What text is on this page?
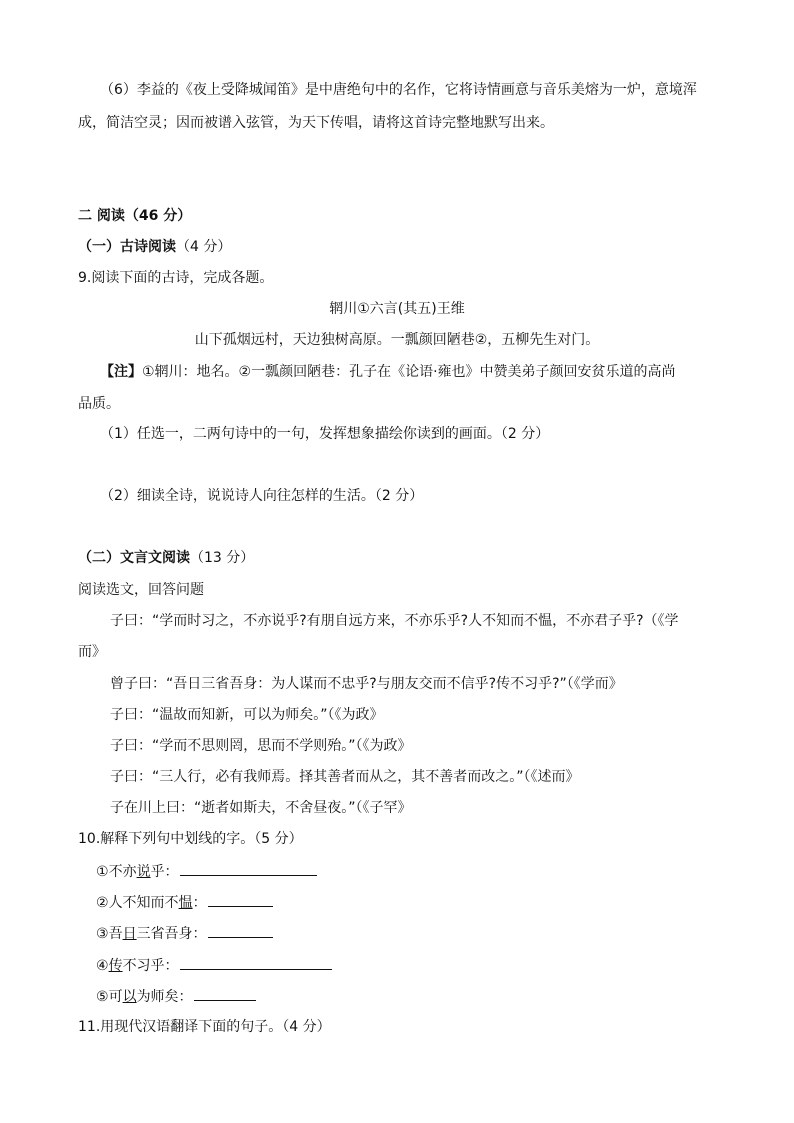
（6）李益的《夜上受降城闻笛》是中唐绝句中的名作，它将诗情画意与音乐美熔为一炉，意境浑
成，简洁空灵；因而被谱入弦管，为天下传唱，请将这首诗完整地默写出来。
二 阅读（46 分）
（一）古诗阅读（4 分）
9.阅读下面的古诗，完成各题。
辋川①六言(其五)王维
山下孤烟远村，天边独树高原。一瓢颜回陋巷②，五柳先生对门。
【注】①辋川：地名。②一瓢颜回陋巷：孔子在《论语·雍也》中赞美弟子颜回安贫乐道的高尚
品质。
（1）任选一，二两句诗中的一句，发挥想象描绘你读到的画面。（2 分）
（2）细读全诗，说说诗人向往怎样的生活。（2 分）
（二）文言文阅读（13 分）
阅读选文，回答问题
子曰：“学而时习之，不亦说乎?有朋自远方来，不亦乐乎?人不知而不愠，不亦君子乎?（《学
而》
曾子曰：“吾日三省吾身：为人谋而不忠乎?与朋友交而不信乎?传不习乎?”（《学而》
子曰：“温故而知新，可以为师矣。”（《为政》
子曰：“学而不思则罔，思而不学则殆。”（《为政》
子曰：“三人行，必有我师焉。择其善者而从之，其不善者而改之。”（《述而》
子在川上曰：“逝者如斯夫，不舍昼夜。”（《子罕》
10.解释下列句中划线的字。（5 分）
①不亦说乎：
②人不知而不愠：
③吾日三省吾身：
④传不习乎：
⑤可以为师矣：
11.用现代汉语翻译下面的句子。（4 分）
